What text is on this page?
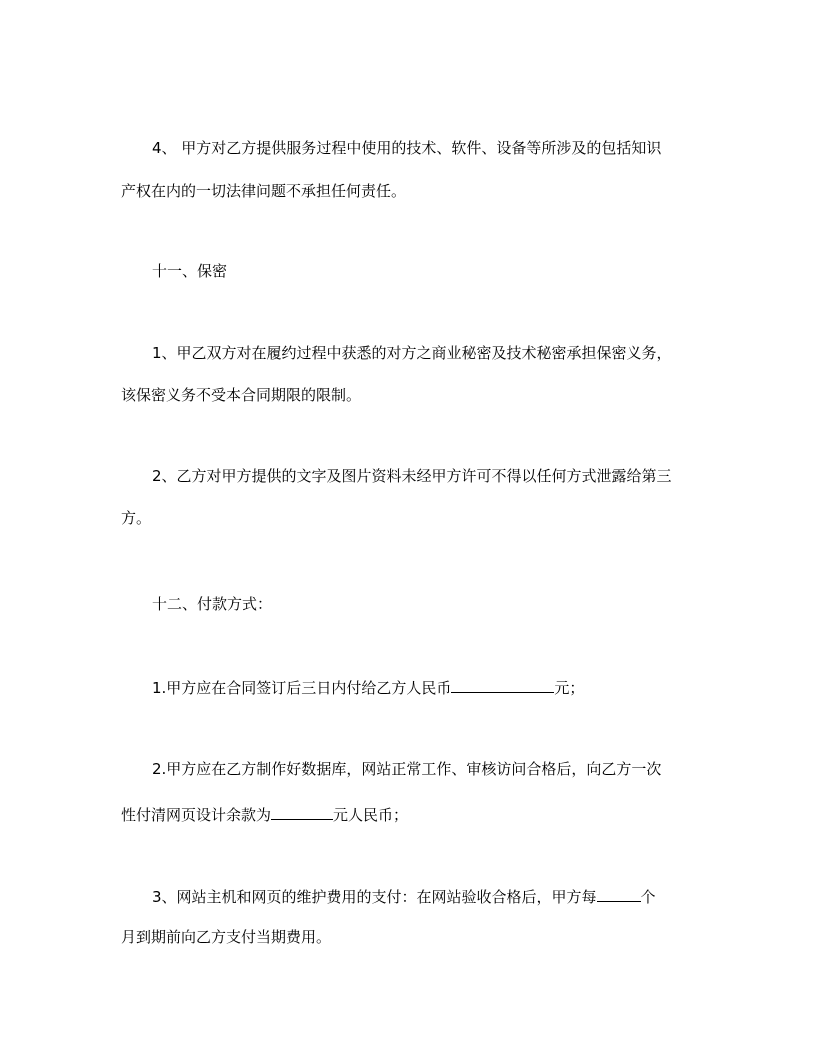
4、 甲方对乙方提供服务过程中使用的技术、软件、设备等所涉及的包括知识
产权在内的一切法律问题不承担任何责任。
十一、保密
1、甲乙双方对在履约过程中获悉的对方之商业秘密及技术秘密承担保密义务，
该保密义务不受本合同期限的限制。
2、乙方对甲方提供的文字及图片资料未经甲方许可不得以任何方式泄露给第三
方。
十二、付款方式：
1.甲方应在合同签订后三日内付给乙方人民币	元；
2.甲方应在乙方制作好数据库，网站正常工作、审核访问合格后，向乙方一次
性付清网页设计余款为	元人民币；
3、网站主机和网页的维护费用的支付：在网站验收合格后，甲方每	个
月到期前向乙方支付当期费用。
